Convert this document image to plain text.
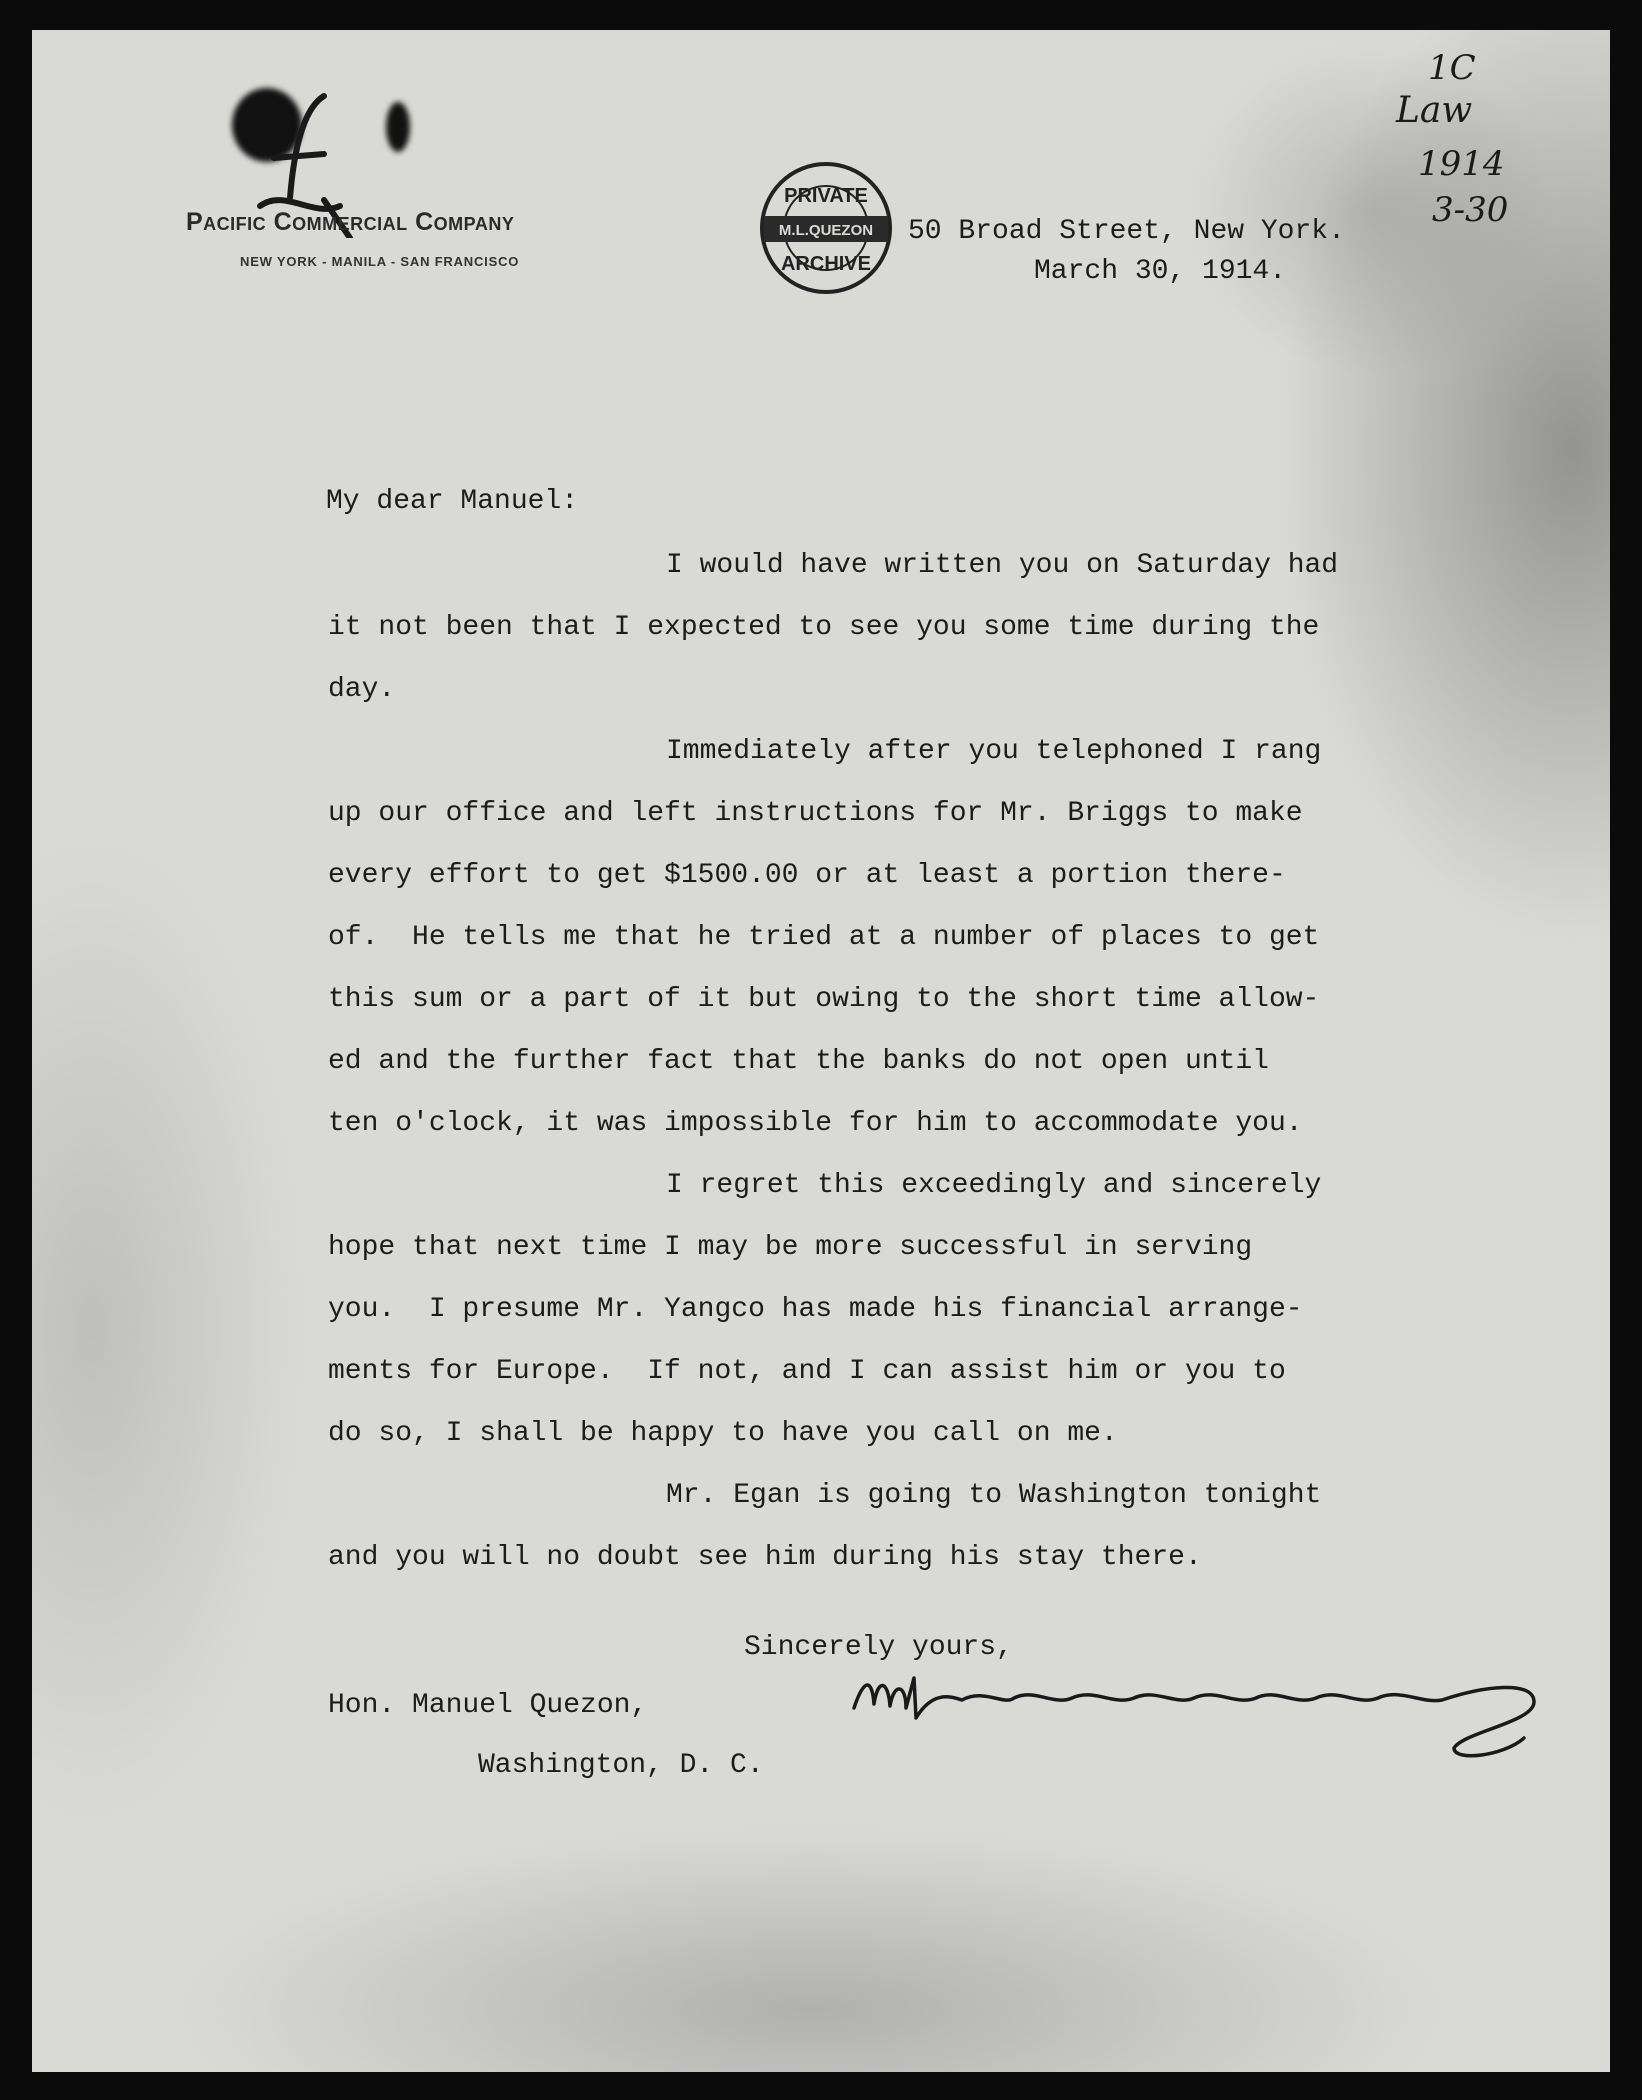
Pacific Commercial Company
NEW YORK - MANILA - SAN FRANCISCO
PRIVATE
M.L.QUEZON
ARCHIVE
1C
Law
1914
3-30
50 Broad Street, New York.
March 30, 1914.
My dear Manuel:
I would have written you on Saturday had
it not been that I expected to see you some time during the
day.
Immediately after you telephoned I rang
up our office and left instructions for Mr. Briggs to make
every effort to get $1500.00 or at least a portion there-
of.  He tells me that he tried at a number of places to get
this sum or a part of it but owing to the short time allow-
ed and the further fact that the banks do not open until
ten o'clock, it was impossible for him to accommodate you.
I regret this exceedingly and sincerely
hope that next time I may be more successful in serving
you.  I presume Mr. Yangco has made his financial arrange-
ments for Europe.  If not, and I can assist him or you to
do so, I shall be happy to have you call on me.
Mr. Egan is going to Washington tonight
and you will no doubt see him during his stay there.
Sincerely yours,
Hon. Manuel Quezon,
Washington, D. C.
